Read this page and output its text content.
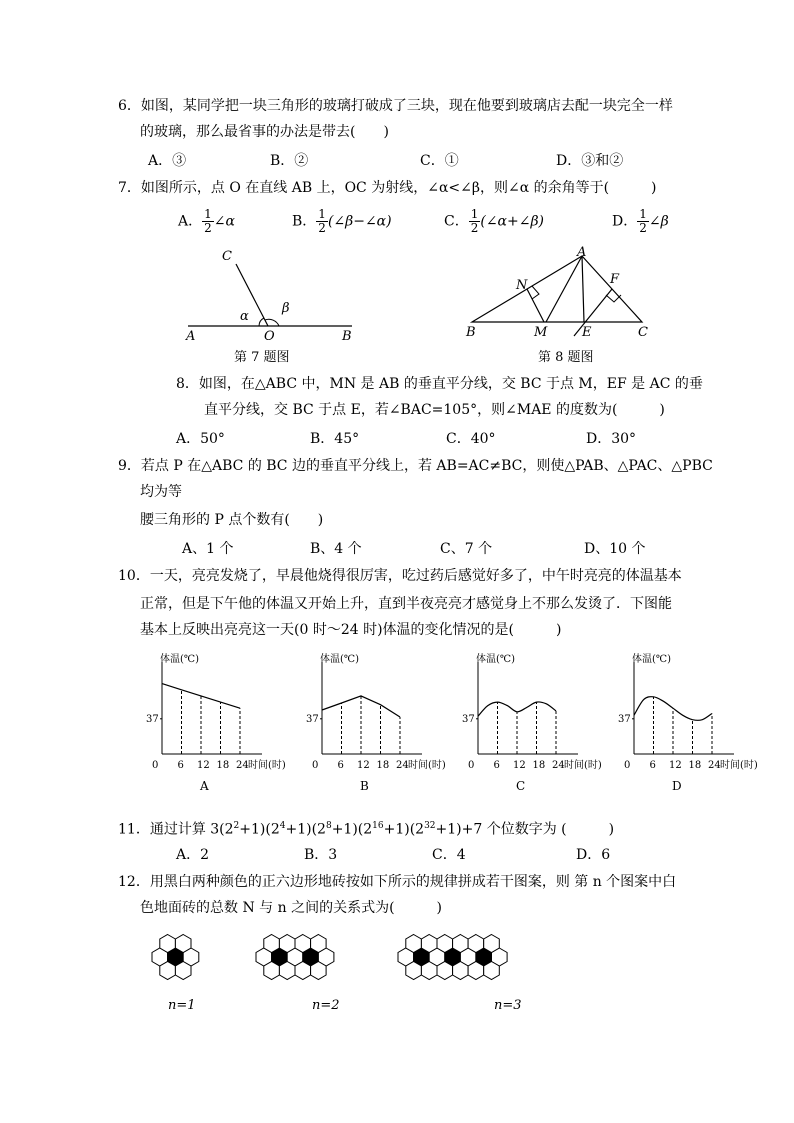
6．如图，某同学把一块三角形的玻璃打破成了三块，现在他要到玻璃店去配一块完全一样
的玻璃，那么最省事的办法是带去(　　)
A．③	B．②	C．①	D．③和②
7．如图所示，点 O 在直线 AB 上，OC 为射线，∠α<∠β，则∠α 的余角等于(　　　)
A． $\frac{1}{2}$ ∠α	B． $\frac{1}{2}$ (∠β−∠α)	C． $\frac{1}{2}$ (∠α+∠β)	D． $\frac{1}{2}$ ∠β
C
α
β
A	O	B
第 7 题图
A
N	F
B	M	E	C
第 8 题图
8．如图，在△ABC 中，MN 是 AB 的垂直平分线，交 BC 于点 M，EF 是 AC 的垂
直平分线，交 BC 于点 E，若∠BAC=105°，则∠MAE 的度数为(　　　)
A．50°	B．45°	C．40°	D．30°
9．若点 P 在△ABC 的 BC 边的垂直平分线上，若 AB=AC≠BC，则使△PAB、△PAC、△PBC
均为等
腰三角形的 P 点个数有(　　)
A、1 个	B、4 个	C、7 个	D、10 个
10．一天，亮亮发烧了，早晨他烧得很厉害，吃过药后感觉好多了，中午时亮亮的体温基本
正常，但是下午他的体温又开始上升，直到半夜亮亮才感觉身上不那么发烫了．下图能
基本上反映出亮亮这一天(0 时～24 时)体温的变化情况的是(　　　)
体温(℃)
37
0 6 12 18 24 时间(时)
A
体温(℃)
37
0 6 12 18 24 时间(时)
B
体温(℃)
37
0 6 12 18 24 时间(时)
C
体温(℃)
37
0 6 12 18 24 时间(时)
D
11．通过计算 $3(2^2+1)(2^4+1)(2^8+1)(2^{16}+1)(2^{32}+1)+7$ 个位数字为 (　　　)
A．2	B．3	C．4	D．6
12．用黑白两种颜色的正六边形地砖按如下所示的规律拼成若干图案，则 第 n 个图案中白
色地面砖的总数 N 与 n 之间的关系式为(　　　)
n=1	n=2	n=3
